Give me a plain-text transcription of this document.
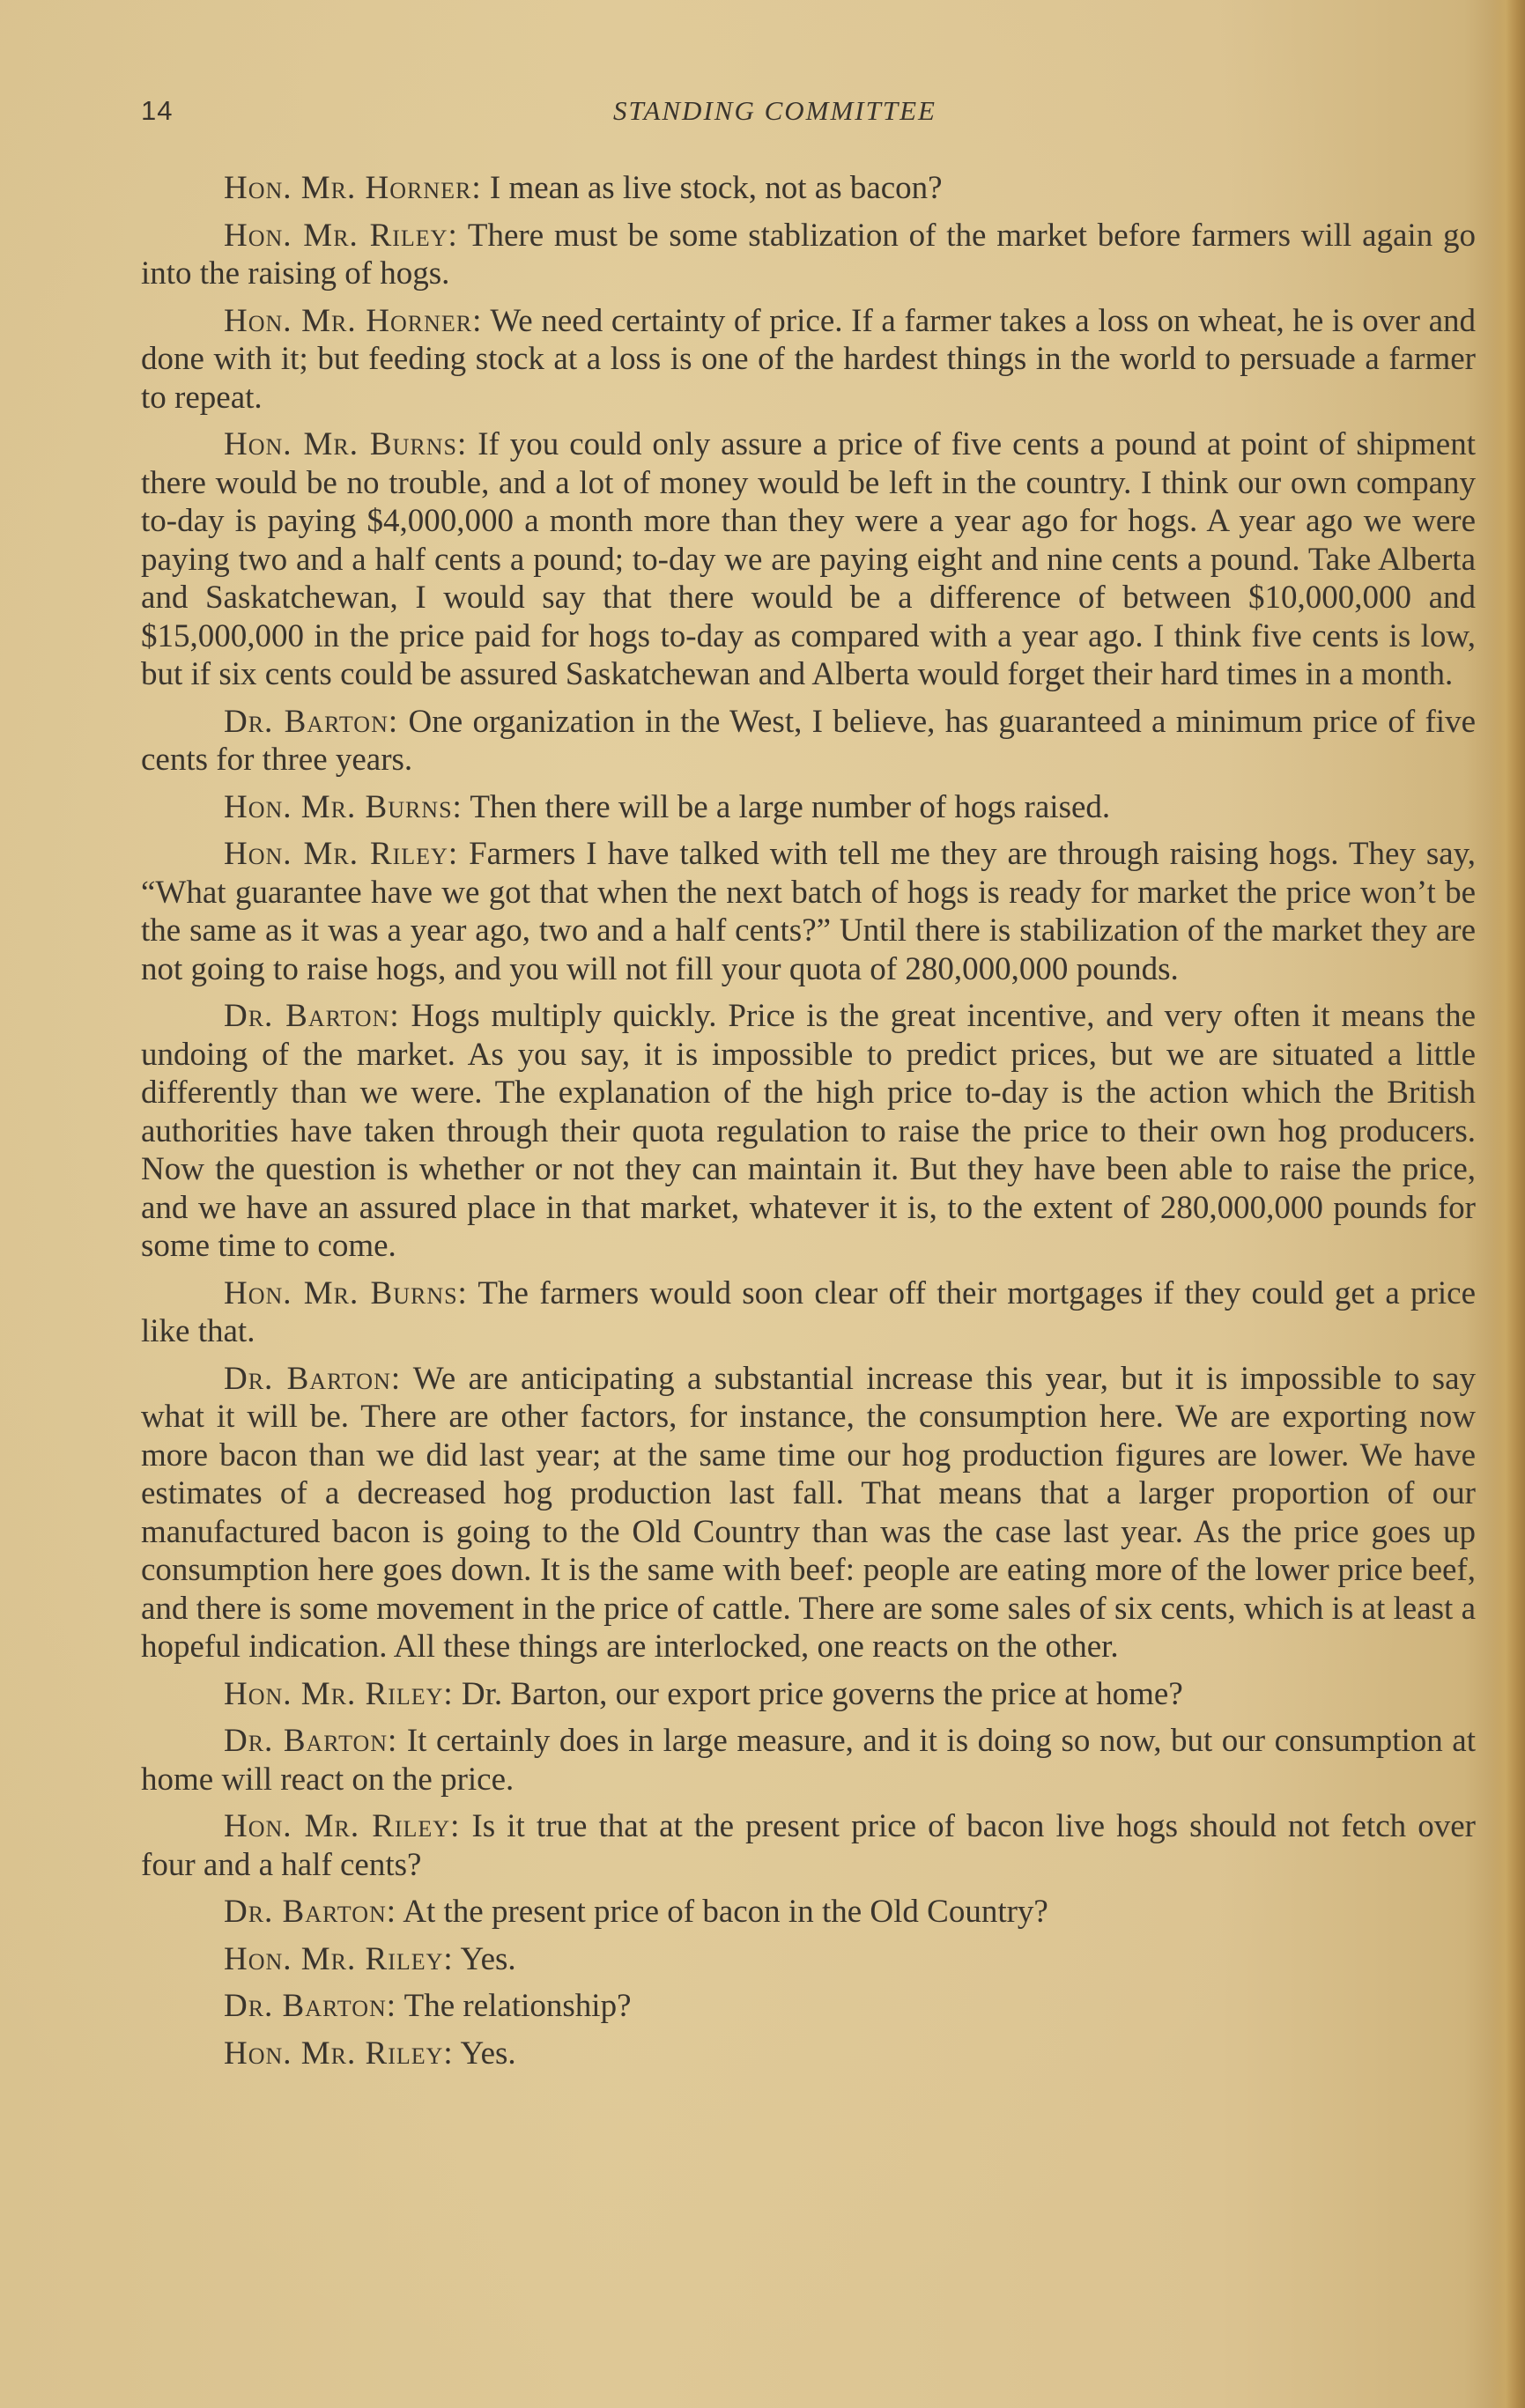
14	STANDING COMMITTEE

Hon. Mr. Horner: I mean as live stock, not as bacon?

Hon. Mr. Riley: There must be some stablization of the market before farmers will again go into the raising of hogs.

Hon. Mr. Horner: We need certainty of price. If a farmer takes a loss on wheat, he is over and done with it; but feeding stock at a loss is one of the hardest things in the world to persuade a farmer to repeat.

Hon. Mr. Burns: If you could only assure a price of five cents a pound at point of shipment there would be no trouble, and a lot of money would be left in the country. I think our own company to-day is paying $4,000,000 a month more than they were a year ago for hogs. A year ago we were paying two and a half cents a pound; to-day we are paying eight and nine cents a pound. Take Alberta and Saskatchewan, I would say that there would be a difference of between $10,000,000 and $15,000,000 in the price paid for hogs to-day as compared with a year ago. I think five cents is low, but if six cents could be assured Saskatchewan and Alberta would forget their hard times in a month.

Dr. Barton: One organization in the West, I believe, has guaranteed a minimum price of five cents for three years.

Hon. Mr. Burns: Then there will be a large number of hogs raised.

Hon. Mr. Riley: Farmers I have talked with tell me they are through raising hogs. They say, “What guarantee have we got that when the next batch of hogs is ready for market the price won’t be the same as it was a year ago, two and a half cents?” Until there is stabilization of the market they are not going to raise hogs, and you will not fill your quota of 280,000,000 pounds.

Dr. Barton: Hogs multiply quickly. Price is the great incentive, and very often it means the undoing of the market. As you say, it is impossible to predict prices, but we are situated a little differently than we were. The explanation of the high price to-day is the action which the British authorities have taken through their quota regulation to raise the price to their own hog producers. Now the question is whether or not they can maintain it. But they have been able to raise the price, and we have an assured place in that market, whatever it is, to the extent of 280,000,000 pounds for some time to come.

Hon. Mr. Burns: The farmers would soon clear off their mortgages if they could get a price like that.

Dr. Barton: We are anticipating a substantial increase this year, but it is impossible to say what it will be. There are other factors, for instance, the consumption here. We are exporting now more bacon than we did last year; at the same time our hog production figures are lower. We have estimates of a decreased hog production last fall. That means that a larger proportion of our manufactured bacon is going to the Old Country than was the case last year. As the price goes up consumption here goes down. It is the same with beef: people are eating more of the lower price beef, and there is some movement in the price of cattle. There are some sales of six cents, which is at least a hopeful indication. All these things are interlocked, one reacts on the other.

Hon. Mr. Riley: Dr. Barton, our export price governs the price at home?

Dr. Barton: It certainly does in large measure, and it is doing so now, but our consumption at home will react on the price.

Hon. Mr. Riley: Is it true that at the present price of bacon live hogs should not fetch over four and a half cents?

Dr. Barton: At the present price of bacon in the Old Country?

Hon. Mr. Riley: Yes.

Dr. Barton: The relationship?

Hon. Mr. Riley: Yes.
